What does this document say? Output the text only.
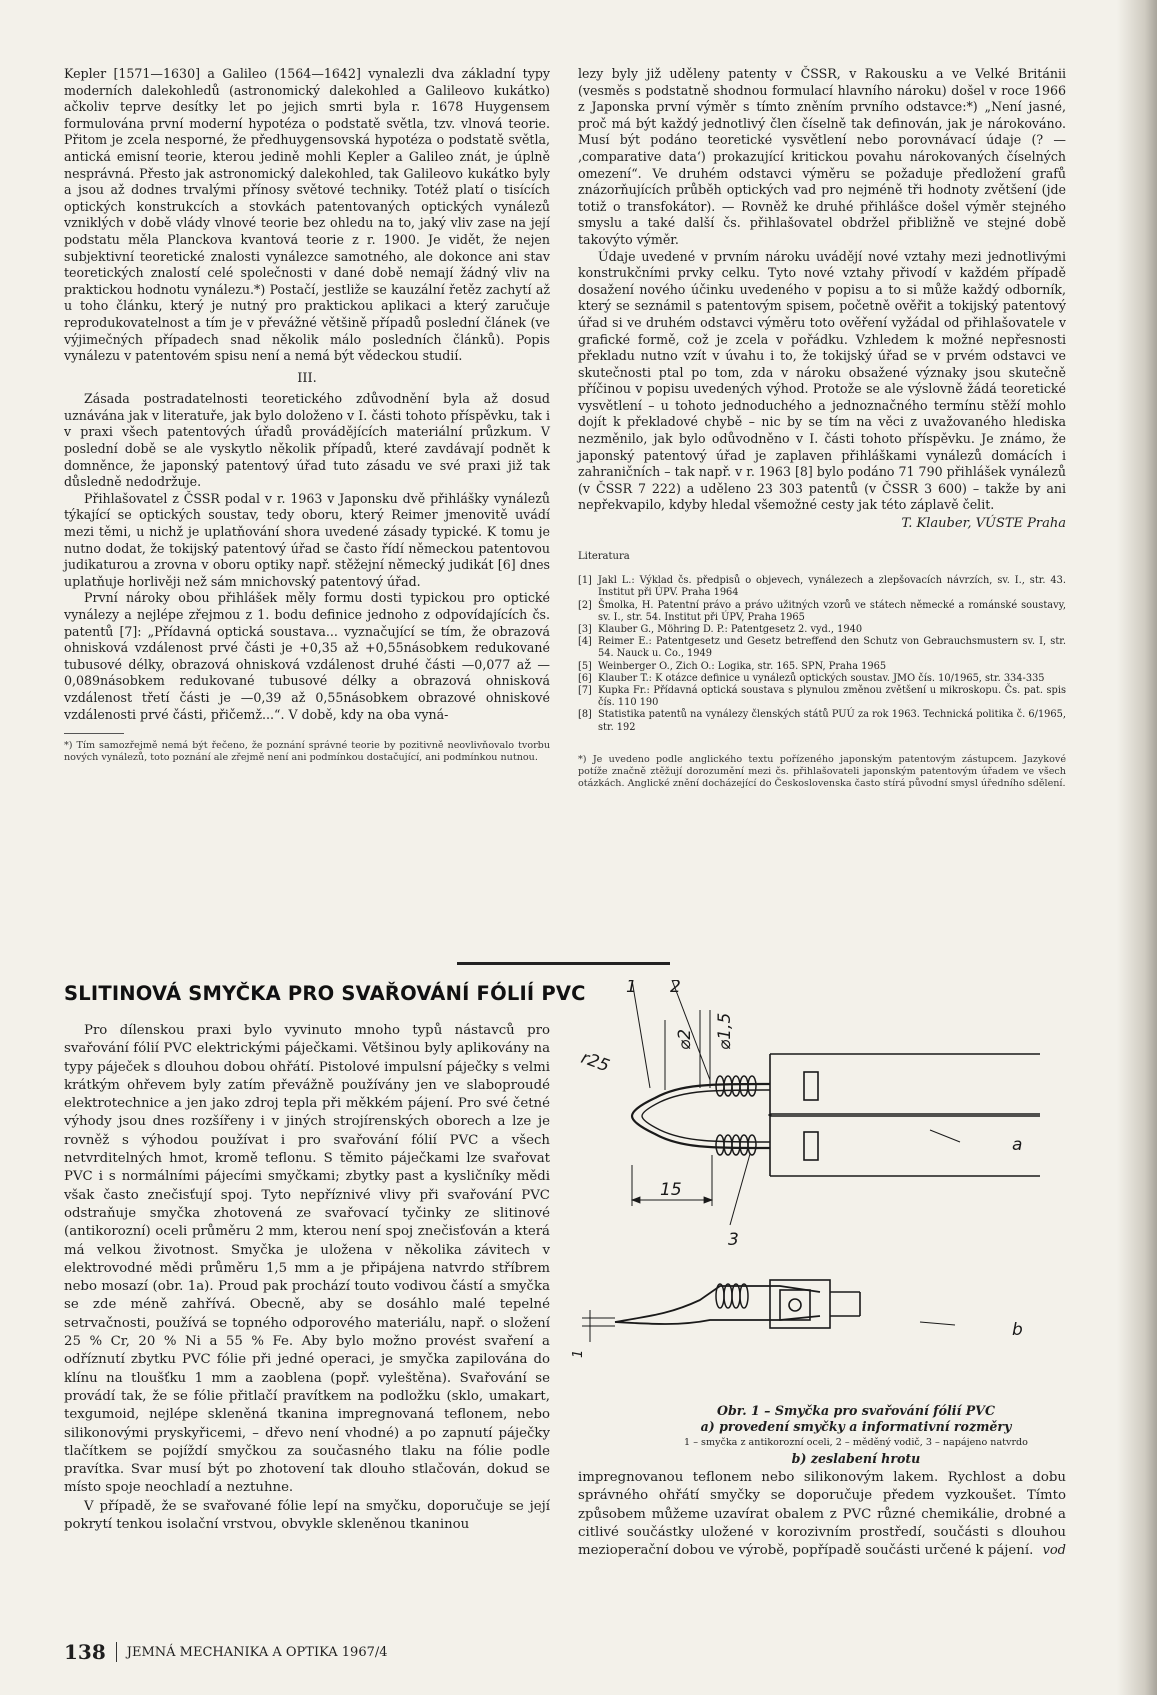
Kepler [1571—1630] a Galileo (1564—1642] vynalezli dva základní typy moderních dalekohledů (astronomický dalekohled a Galileovo kukátko) ačkoliv teprve desítky let po jejich smrti byla r. 1678 Huygensem formulována první moderní hypotéza o podstatě světla, tzv. vlnová teorie. Přitom je zcela nesporné, že předhuygensovská hypotéza o podstatě světla, antická emisní teorie, kterou jedině mohli Kepler a Galileo znát, je úplně nesprávná. Přesto jak astronomický dalekohled, tak Galileovo kukátko byly a jsou až dodnes trvalými přínosy světové techniky. Totéž platí o tisících optických konstrukcích a stovkách patentovaných optických vynálezů vzniklých v době vlády vlnové teorie bez ohledu na to, jaký vliv zase na její podstatu měla Planckova kvantová teorie z r. 1900. Je vidět, že nejen subjektivní teoretické znalosti vynálezce samotného, ale dokonce ani stav teoretických znalostí celé společnosti v dané době nemají žádný vliv na praktickou hodnotu vynálezu.*) Postačí, jestliže se kauzální řetěz zachytí až u toho článku, který je nutný pro praktickou aplikaci a který zaručuje reprodukovatelnost a tím je v převážné většině případů poslední článek (ve výjimečných případech snad několik málo posledních článků). Popis vynálezu v patentovém spisu není a nemá být vědeckou studií.

III.

Zásada postradatelnosti teoretického zdůvodnění byla až dosud uznávána jak v literatuře, jak bylo doloženo v I. části tohoto příspěvku, tak i v praxi všech patentových úřadů provádějících materiální průzkum. V poslední době se ale vyskytlo několik případů, které zavdávají podnět k domněnce, že japonský patentový úřad tuto zásadu ve své praxi již tak důsledně nedodržuje.

Přihlašovatel z ČSSR podal v r. 1963 v Japonsku dvě přihlášky vynálezů týkající se optických soustav, tedy oboru, který Reimer jmenovitě uvádí mezi těmi, u nichž je uplatňování shora uvedené zásady typické. K tomu je nutno dodat, že tokijský patentový úřad se často řídí německou patentovou judikaturou a zrovna v oboru optiky např. stěžejní německý judikát [6] dnes uplatňuje horlivěji než sám mnichovský patentový úřad.

První nároky obou přihlášek měly formu dosti typickou pro optické vynálezy a nejlépe zřejmou z 1. bodu definice jednoho z odpovídajících čs. patentů [7]: „Přídavná optická soustava... vyznačující se tím, že obrazová ohnisková vzdálenost prvé části je +0,35 až +0,55násobkem redukované tubusové délky, obrazová ohnisková vzdálenost druhé části —0,077 až —0,089násobkem redukované tubusové délky a obrazová ohnisková vzdálenost třetí části je —0,39 až 0,55násobkem obrazové ohniskové vzdálenosti prvé části, přičemž...“. V době, kdy na oba vyná-

*) Tím samozřejmě nemá být řečeno, že poznání správné teorie by pozitivně neovlivňovalo tvorbu nových vynálezů, toto poznání ale zřejmě není ani podmínkou dostačující, ani podmínkou nutnou.

lezy byly již uděleny patenty v ČSSR, v Rakousku a ve Velké Británii (vesměs s podstatně shodnou formulací hlavního nároku) došel v roce 1966 z Japonska první výměr s tímto zněním prvního odstavce:*) „Není jasné, proč má být každý jednotlivý člen číselně tak definován, jak je nárokováno. Musí být podáno teoretické vysvětlení nebo porovnávací údaje (? — ‚comparative data‘) prokazující kritickou povahu nárokovaných číselných omezení“. Ve druhém odstavci výměru se požaduje předložení grafů znázorňujících průběh optických vad pro nejméně tři hodnoty zvětšení (jde totiž o transfokátor). — Rovněž ke druhé přihlášce došel výměr stejného smyslu a také další čs. přihlašovatel obdržel přibližně ve stejné době takovýto výměr.

Údaje uvedené v prvním nároku uvádějí nové vztahy mezi jednotlivými konstrukčními prvky celku. Tyto nové vztahy přivodí v každém případě dosažení nového účinku uvedeného v popisu a to si může každý odborník, který se seznámil s patentovým spisem, početně ověřit a tokijský patentový úřad si ve druhém odstavci výměru toto ověření vyžádal od přihlašovatele v grafické formě, což je zcela v pořádku. Vzhledem k možné nepřesnosti překladu nutno vzít v úvahu i to, že tokijský úřad se v prvém odstavci ve skutečnosti ptal po tom, zda v nároku obsažené význaky jsou skutečně příčinou v popisu uvedených výhod. Protože se ale výslovně žádá teoretické vysvětlení – u tohoto jednoduchého a jednoznačného termínu stěží mohlo dojít k překladové chybě – nic by se tím na věci z uvažovaného hlediska nezměnilo, jak bylo odůvodněno v I. části tohoto příspěvku. Je známo, že japonský patentový úřad je zaplaven přihláškami vynálezů domácích i zahraničních – tak např. v r. 1963 [8] bylo podáno 71 790 přihlášek vynálezů (v ČSSR 7 222) a uděleno 23 303 patentů (v ČSSR 3 600) – takže by ani nepřekvapilo, kdyby hledal všemožné cesty jak této záplavě čelit.

T. Klauber, VÚSTE Praha
Literatura
[1] Jakl L.: Výklad čs. předpisů o objevech, vynálezech a zlepšovacích návrzích, sv. I., str. 43. Institut při ÚPV. Praha 1964
[2] Šmolka, H. Patentní právo a právo užitných vzorů ve státech německé a románské soustavy, sv. I., str. 54. Institut při ÚPV, Praha 1965
[3] Klauber G., Möhring D. P.: Patentgesetz 2. vyd., 1940
[4] Reimer E.: Patentgesetz und Gesetz betreffend den Schutz von Gebrauchsmustern sv. I, str. 54. Nauck u. Co., 1949
[5] Weinberger O., Zich O.: Logika, str. 165. SPN, Praha 1965
[6] Klauber T.: K otázce definice u vynálezů optických soustav. JMO čís. 10/1965, str. 334-335
[7] Kupka Fr.: Přídavná optická soustava s plynulou změnou zvětšení u mikroskopu. Čs. pat. spis čís. 110 190
[8] Statistika patentů na vynálezy členských států PUÚ za rok 1963. Technická politika č. 6/1965, str. 192
*) Je uvedeno podle anglického textu pořízeného japonským patentovým zástupcem. Jazykové potíže značně ztěžují dorozumění mezi čs. přihlašovateli japonským patentovým úřadem ve všech otázkách. Anglické znění docházející do Československa často stírá původní smysl úředního sdělení.
SLITINOVÁ SMYČKA PRO SVAŘOVÁNÍ FÓLIÍ PVC

Pro dílenskou praxi bylo vyvinuto mnoho typů nástavců pro svařování fólií PVC elektrickými páječkami. Většinou byly aplikovány na typy páječek s dlouhou dobou ohřátí. Pistolové impulsní páječky s velmi krátkým ohřevem byly zatím převážně používány jen ve slaboproudé elektrotechnice a jen jako zdroj tepla při měkkém pájení. Pro své četné výhody jsou dnes rozšířeny i v jiných strojírenských oborech a lze je rovněž s výhodou používat i pro svařování fólií PVC a všech netvrditelných hmot, kromě teflonu. S těmito páječkami lze svařovat PVC i s normálními pájecími smyčkami; zbytky past a kysličníky mědi však často znečisťují spoj. Tyto nepříznivé vlivy při svařování PVC odstraňuje smyčka zhotovená ze svařovací tyčinky ze slitinové (antikorozní) oceli průměru 2 mm, kterou není spoj znečisťován a která má velkou životnost. Smyčka je uložena v několika závitech v elektrovodné mědi průměru 1,5 mm a je připájena natvrdo stříbrem nebo mosazí (obr. 1a). Proud pak prochází touto vodivou částí a smyčka se zde méně zahřívá. Obecně, aby se dosáhlo malé tepelné setrvačnosti, používá se topného odporového materiálu, např. o složení 25 % Cr, 20 % Ni a 55 % Fe. Aby bylo možno provést svaření a odříznutí zbytku PVC fólie při jedné operaci, je smyčka zapilována do klínu na tloušťku 1 mm a zaoblena (popř. vyleštěna). Svařování se provádí tak, že se fólie přitlačí pravítkem na podložku (sklo, umakart, texgumoid, nejlépe skleněná tkanina impregnovaná teflonem, nebo silikonovými pryskyřicemi, – dřevo není vhodné) a po zapnutí páječky tlačítkem se pojíždí smyčkou za současného tlaku na fólie podle pravítka. Svar musí být po zhotovení tak dlouho stlačován, dokud se místo spoje neochladí a neztuhne.

V případě, že se svařované fólie lepí na smyčku, doporučuje se její pokrytí tenkou isolační vrstvou, obvykle skleněnou tkaninou

1 2
3
a
b
r25
⌀2 ⌀1,5
15
1
Obr. 1 – Smyčka pro svařování fólií PVC
a) provedení smyčky a informativní rozměry
1 – smyčka z antikorozní oceli, 2 – měděný vodič, 3 – napájeno natvrdo
b) zeslabení hrotu

impregnovanou teflonem nebo silikonovým lakem. Rychlost a dobu správného ohřátí smyčky se doporučuje předem vyzkoušet. Tímto způsobem můžeme uzavírat obalem z PVC různé chemikálie, drobné a citlivé součástky uložené v korozivním prostředí, součásti s dlouhou mezioperační dobou ve výrobě, popřípadě součásti určené k pájení. vod
138 JEMNÁ MECHANIKA A OPTIKA 1967/4
